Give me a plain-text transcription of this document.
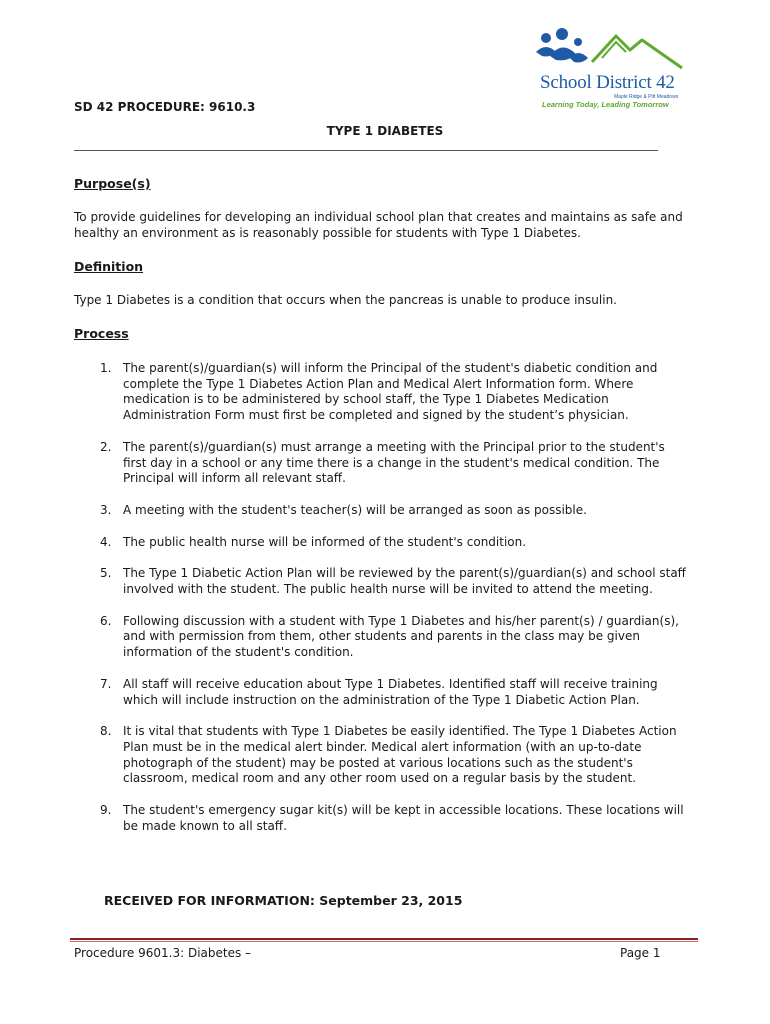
School District 42
Maple Ridge & Pitt Meadows
Learning Today, Leading Tomorrow
SD 42 PROCEDURE: 9610.3
TYPE 1 DIABETES
Purpose(s)
To provide guidelines for developing an individual school plan that creates and maintains as safe and healthy an environment as is reasonably possible for students with Type 1 Diabetes.
Definition
Type 1 Diabetes is a condition that occurs when the pancreas is unable to produce insulin.
Process
1. The parent(s)/guardian(s) will inform the Principal of the student's diabetic condition and complete the Type 1 Diabetes Action Plan and Medical Alert Information form. Where medication is to be administered by school staff, the Type 1 Diabetes Medication Administration Form must first be completed and signed by the student’s physician.
2. The parent(s)/guardian(s) must arrange a meeting with the Principal prior to the student's first day in a school or any time there is a change in the student's medical condition. The Principal will inform all relevant staff.
3. A meeting with the student's teacher(s) will be arranged as soon as possible.
4. The public health nurse will be informed of the student's condition.
5. The Type 1 Diabetic Action Plan will be reviewed by the parent(s)/guardian(s) and school staff involved with the student. The public health nurse will be invited to attend the meeting.
6. Following discussion with a student with Type 1 Diabetes and his/her parent(s) / guardian(s), and with permission from them, other students and parents in the class may be given information of the student's condition.
7. All staff will receive education about Type 1 Diabetes. Identified staff will receive training which will include instruction on the administration of the Type 1 Diabetic Action Plan.
8. It is vital that students with Type 1 Diabetes be easily identified. The Type 1 Diabetes Action Plan must be in the medical alert binder. Medical alert information (with an up-to-date photograph of the student) may be posted at various locations such as the student's classroom, medical room and any other room used on a regular basis by the student.
9. The student's emergency sugar kit(s) will be kept in accessible locations. These locations will be made known to all staff.
RECEIVED FOR INFORMATION: September 23, 2015
Procedure 9601.3: Diabetes –	Page 1
